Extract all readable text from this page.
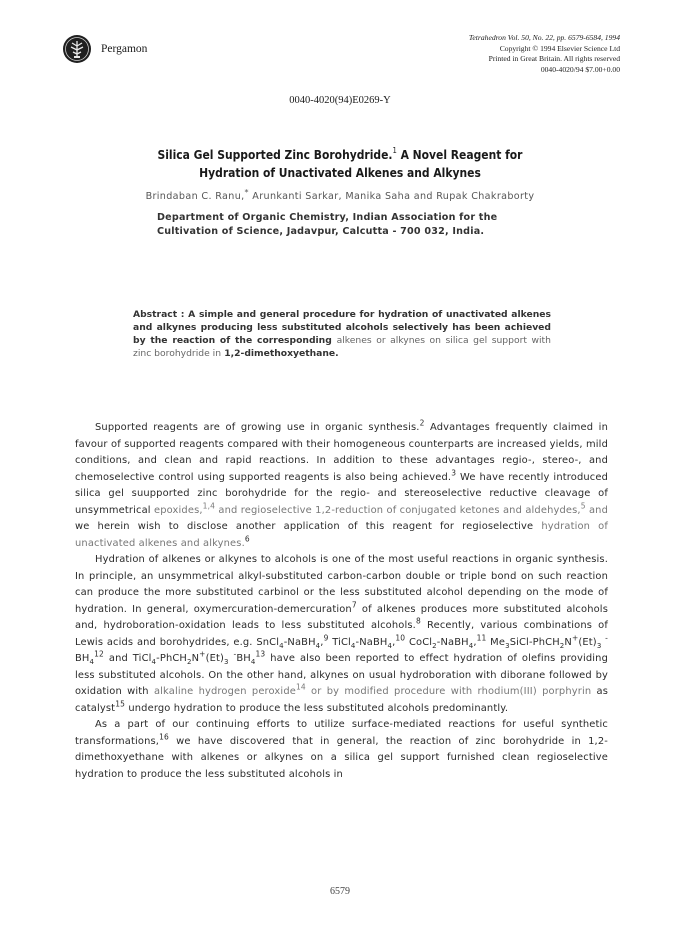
Pergamon
Tetrahedron Vol. 50, No. 22, pp. 6579-6584, 1994
Copyright © 1994 Elsevier Science Ltd
Printed in Great Britain. All rights reserved
0040-4020/94 $7.00+0.00
0040-4020(94)E0269-Y
Silica Gel Supported Zinc Borohydride.$^1$ A Novel Reagent for
Hydration of Unactivated Alkenes and Alkynes
Brindaban C. Ranu,* Arunkanti Sarkar, Manika Saha and Rupak Chakraborty
Department of Organic Chemistry, Indian Association for the
Cultivation of Science, Jadavpur, Calcutta - 700 032, India.

Abstract : A simple and general procedure for hydration of unactivated alkenes and alkynes producing less substituted alcohols selectively has been achieved by the reaction of the corresponding alkenes or alkynes on silica gel support with zinc borohydride in 1,2-dimethoxyethane.

Supported reagents are of growing use in organic synthesis.$^2$ Advantages frequently claimed in favour of supported reagents compared with their homogeneous counterparts are increased yields, mild conditions, and clean and rapid reactions. In addition to these advantages regio-, stereo-, and chemoselective control using supported reagents is also being achieved.$^3$ We have recently introduced silica gel suupported zinc borohydride for the regio- and stereoselective reductive cleavage of unsymmetrical epoxides,$^{1,4}$ and regioselective 1,2-reduction of conjugated ketones and aldehydes,$^5$ and we herein wish to disclose another application of this reagent for regioselective hydration of unactivated alkenes and alkynes.$^6$

Hydration of alkenes or alkynes to alcohols is one of the most useful reactions in organic synthesis. In principle, an unsymmetrical alkyl-substituted carbon-carbon double or triple bond on such reaction can produce the more substituted carbinol or the less substituted alcohol depending on the mode of hydration. In general, oxymercuration-demercuration$^7$ of alkenes produces more substituted alcohols and, hydroboration-oxidation leads to less substituted alcohols.$^8$ Recently, various combinations of Lewis acids and borohydrides, e.g. SnCl$_4$-NaBH$_4$,$^9$ TiCl$_4$-NaBH$_4$,$^{10}$ CoCl$_2$-NaBH$_4$,$^{11}$ $Me_3SiCl-PhCH_2N^+(Et)_3$ $^-BH_4^{12}$ and $TiCl_4-PhCH_2N^+(Et)_3$ $^-BH_4^{13}$ have also been reported to effect hydration of olefins providing less substituted alcohols. On the other hand, alkynes on usual hydroboration with diborane followed by oxidation with alkaline hydrogen peroxide$^{14}$ or by modified procedure with rhodium(III) porphyrin as catalyst$^{15}$ undergo hydration to produce the less substituted alcohols predominantly.

As a part of our continuing efforts to utilize surface-mediated reactions for useful synthetic transformations,$^{16}$ we have discovered that in general, the reaction of zinc borohydride in 1,2-dimethoxyethane with alkenes or alkynes on a silica gel support furnished clean regioselective hydration to produce the less substituted alcohols in

6579
